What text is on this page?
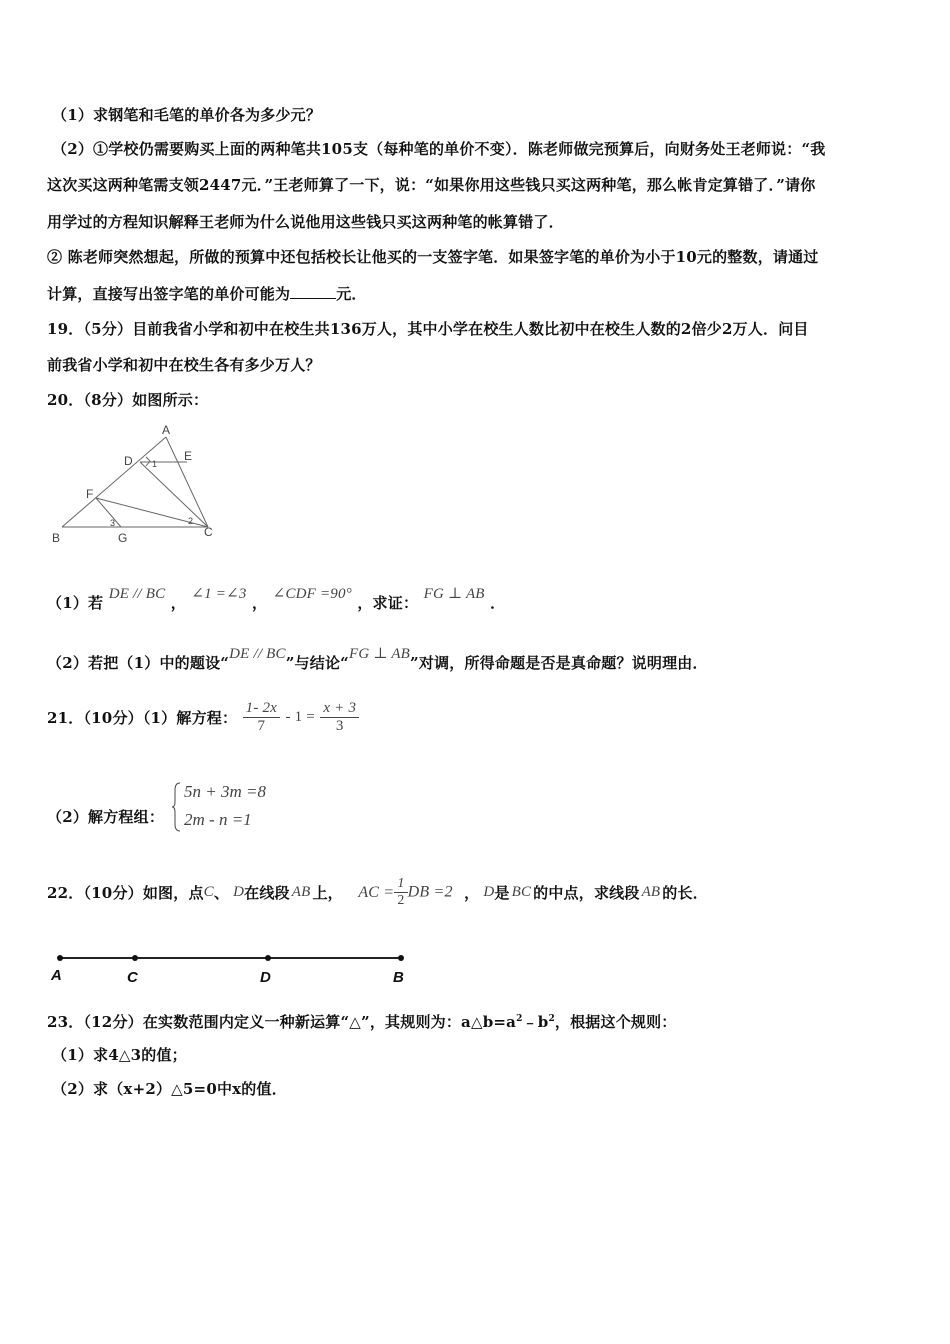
（1）求钢笔和毛笔的单价各为多少元？
（2）①学校仍需要购买上面的两种笔共105支（每种笔的单价不变）．陈老师做完预算后，向财务处王老师说：“我
这次买这两种笔需支领2447元．”王老师算了一下，说：“如果你用这些钱只买这两种笔，那么帐肯定算错了．”请你
用学过的方程知识解释王老师为什么说他用这些钱只买这两种笔的帐算错了．
② 陈老师突然想起，所做的预算中还包括校长让他买的一支签字笔．如果签字笔的单价为小于10元的整数，请通过
计算，直接写出签字笔的单价可能为	元．
19．（5分）目前我省小学和初中在校生共136万人，其中小学在校生人数比初中在校生人数的2倍少2万人．问目
前我省小学和初中在校生各有多少万人？
20．（8分）如图所示：
A
D	E
F
B	G	C
1
2
3
（1）若 DE // BC ， ∠1 =∠3 ， ∠CDF =90° ，求证： FG ⊥ AB ．
（2）若把（1）中的题设“DE // BC”与结论“FG ⊥ AB”对调，所得命题是否是真命题？说明理由．
21．（10分）（1）解方程： $\frac{1- 2x}{7} - 1 = \frac{x + 3}{3}$
（2）解方程组：
5n + 3m =8
2m - n =1
22．（10分）如图，点C、 D在线段 AB 上， AC = $\frac{1}{2}$ DB =2 ， D是 BC 的中点，求线段 AB 的长．
A	C	D	B
23．（12分）在实数范围内定义一种新运算“△”，其规则为：$a\triangle b=a^2﹣b^2$，根据这个规则：
（1）求4△3的值；
（2）求（x+2）△5=0中x的值．
